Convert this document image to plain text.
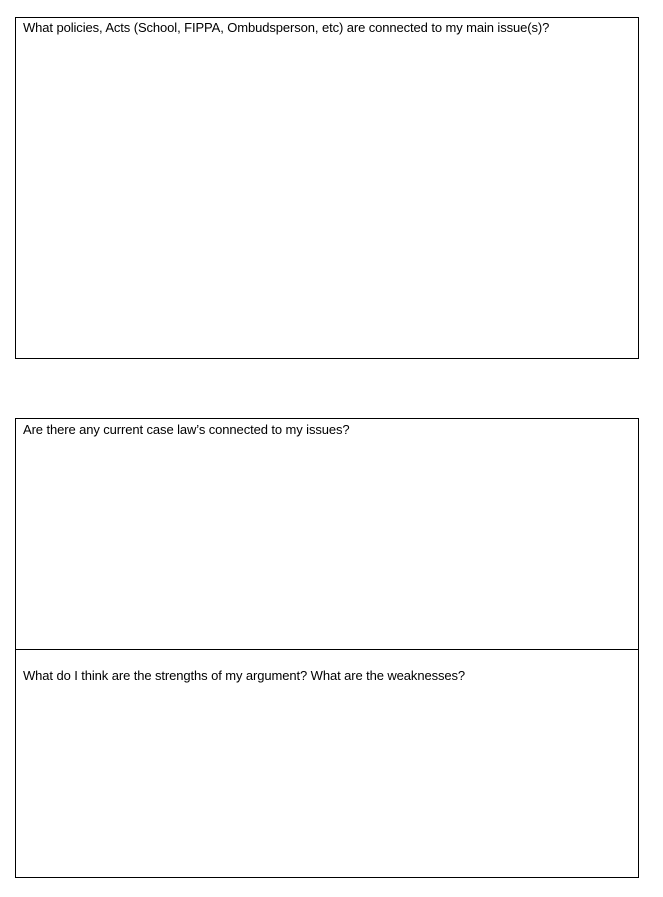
What policies, Acts (School, FIPPA, Ombudsperson, etc) are connected to my main issue(s)?
Are there any current case law’s connected to my issues?
What do I think are the strengths of my argument? What are the weaknesses?
